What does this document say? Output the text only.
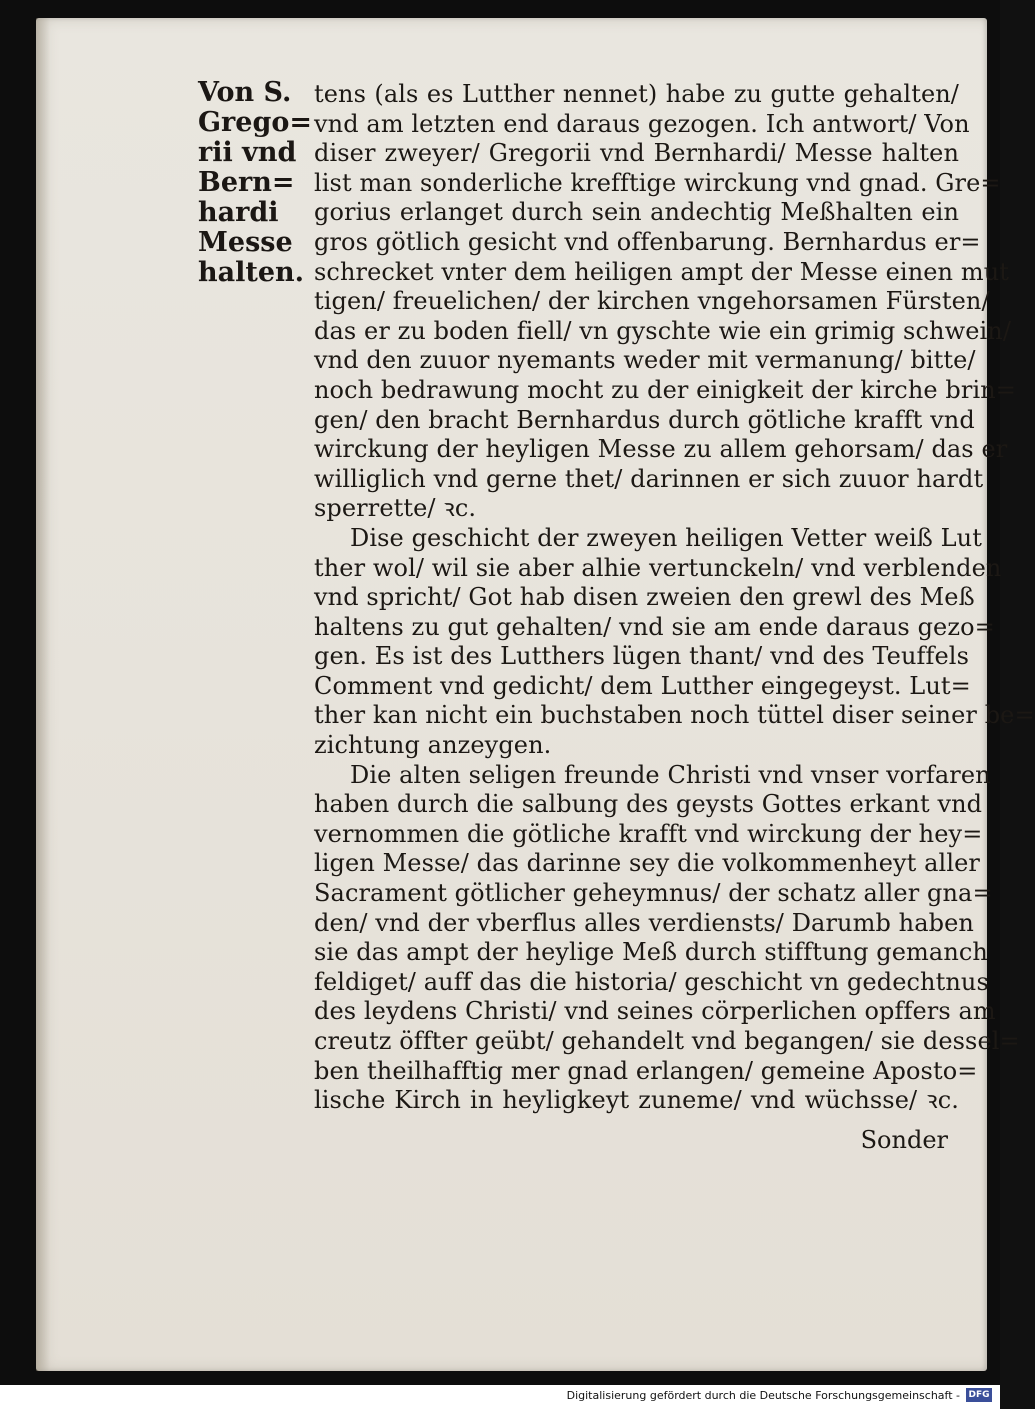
Von S.
Grego=
rii vnd
Bern=
hardi
Messe
halten.
tens (als es Lutther nennet) habe zu gutte gehalten/
vnd am letzten end daraus gezogen. Ich antwort/ Von
diser zweyer/ Gregorii vnd Bernhardi/ Messe halten
list man sonderliche krefftige wirckung vnd gnad. Gre=
gorius erlanget durch sein andechtig Meßhalten ein
gros götlich gesicht vnd offenbarung. Bernhardus er=
schrecket vnter dem heiligen ampt der Messe einen mut
tigen/ freuelichen/ der kirchen vngehorsamen Fürsten/
das er zu boden fiell/ vn gyschte wie ein grimig schwein/
vnd den zuuor nyemants weder mit vermanung/ bitte/
noch bedrawung mocht zu der einigkeit der kirche brin=
gen/ den bracht Bernhardus durch götliche krafft vnd
wirckung der heyligen Messe zu allem gehorsam/ das er
williglich vnd gerne thet/ darinnen er sich zuuor hardt
sperrette/ ꝛc.
Dise geschicht der zweyen heiligen Vetter weiß Lut
ther wol/ wil sie aber alhie vertunckeln/ vnd verblenden
vnd spricht/ Got hab disen zweien den grewl des Meß
haltens zu gut gehalten/ vnd sie am ende daraus gezo=
gen. Es ist des Lutthers lügen thant/ vnd des Teuffels
Comment vnd gedicht/ dem Lutther eingegeyst. Lut=
ther kan nicht ein buchstaben noch tüttel diser seiner be=
zichtung anzeygen.
Die alten seligen freunde Christi vnd vnser vorfaren
haben durch die salbung des geysts Gottes erkant vnd
vernommen die götliche krafft vnd wirckung der hey=
ligen Messe/ das darinne sey die volkommenheyt aller
Sacrament götlicher geheymnus/ der schatz aller gna=
den/ vnd der vberflus alles verdiensts/ Darumb haben
sie das ampt der heylige Meß durch stifftung gemanch
feldiget/ auff das die historia/ geschicht vn gedechtnus
des leydens Christi/ vnd seines cörperlichen opffers am
creutz öffter geübt/ gehandelt vnd begangen/ sie dessel=
ben theilhafftig mer gnad erlangen/ gemeine Aposto=
lische Kirch in heyligkeyt zuneme/ vnd wüchsse/ ꝛc.
Sonder
Digitalisierung gefördert durch die Deutsche Forschungsgemeinschaft - DFG
